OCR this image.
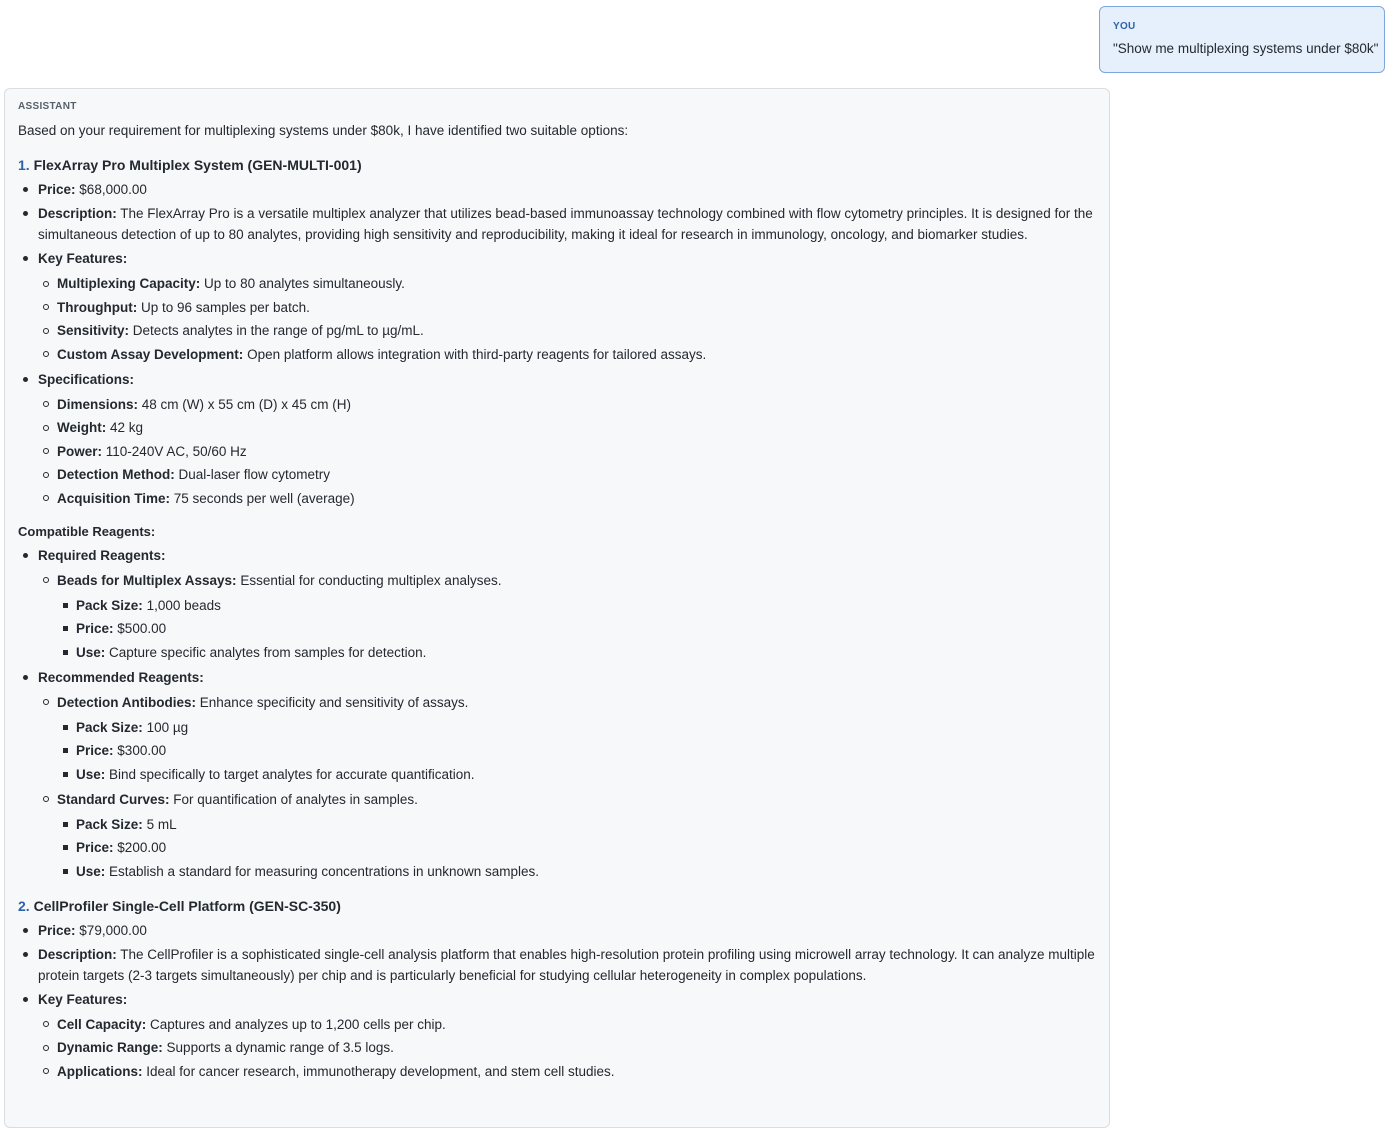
YOU
"Show me multiplexing systems under $80k"
ASSISTANT
Based on your requirement for multiplexing systems under $80k, I have identified two suitable options:
1. FlexArray Pro Multiplex System (GEN-MULTI-001)
Price: $68,000.00
Description: The FlexArray Pro is a versatile multiplex analyzer that utilizes bead-based immunoassay technology combined with flow cytometry principles. It is designed for the simultaneous detection of up to 80 analytes, providing high sensitivity and reproducibility, making it ideal for research in immunology, oncology, and biomarker studies.
Key Features:
Multiplexing Capacity: Up to 80 analytes simultaneously.
Throughput: Up to 96 samples per batch.
Sensitivity: Detects analytes in the range of pg/mL to µg/mL.
Custom Assay Development: Open platform allows integration with third-party reagents for tailored assays.
Specifications:
Dimensions: 48 cm (W) x 55 cm (D) x 45 cm (H)
Weight: 42 kg
Power: 110-240V AC, 50/60 Hz
Detection Method: Dual-laser flow cytometry
Acquisition Time: 75 seconds per well (average)
Compatible Reagents:
Required Reagents:
Beads for Multiplex Assays: Essential for conducting multiplex analyses.
Pack Size: 1,000 beads
Price: $500.00
Use: Capture specific analytes from samples for detection.
Recommended Reagents:
Detection Antibodies: Enhance specificity and sensitivity of assays.
Pack Size: 100 µg
Price: $300.00
Use: Bind specifically to target analytes for accurate quantification.
Standard Curves: For quantification of analytes in samples.
Pack Size: 5 mL
Price: $200.00
Use: Establish a standard for measuring concentrations in unknown samples.
2. CellProfiler Single-Cell Platform (GEN-SC-350)
Price: $79,000.00
Description: The CellProfiler is a sophisticated single-cell analysis platform that enables high-resolution protein profiling using microwell array technology. It can analyze multiple protein targets (2-3 targets simultaneously) per chip and is particularly beneficial for studying cellular heterogeneity in complex populations.
Key Features:
Cell Capacity: Captures and analyzes up to 1,200 cells per chip.
Dynamic Range: Supports a dynamic range of 3.5 logs.
Applications: Ideal for cancer research, immunotherapy development, and stem cell studies.
